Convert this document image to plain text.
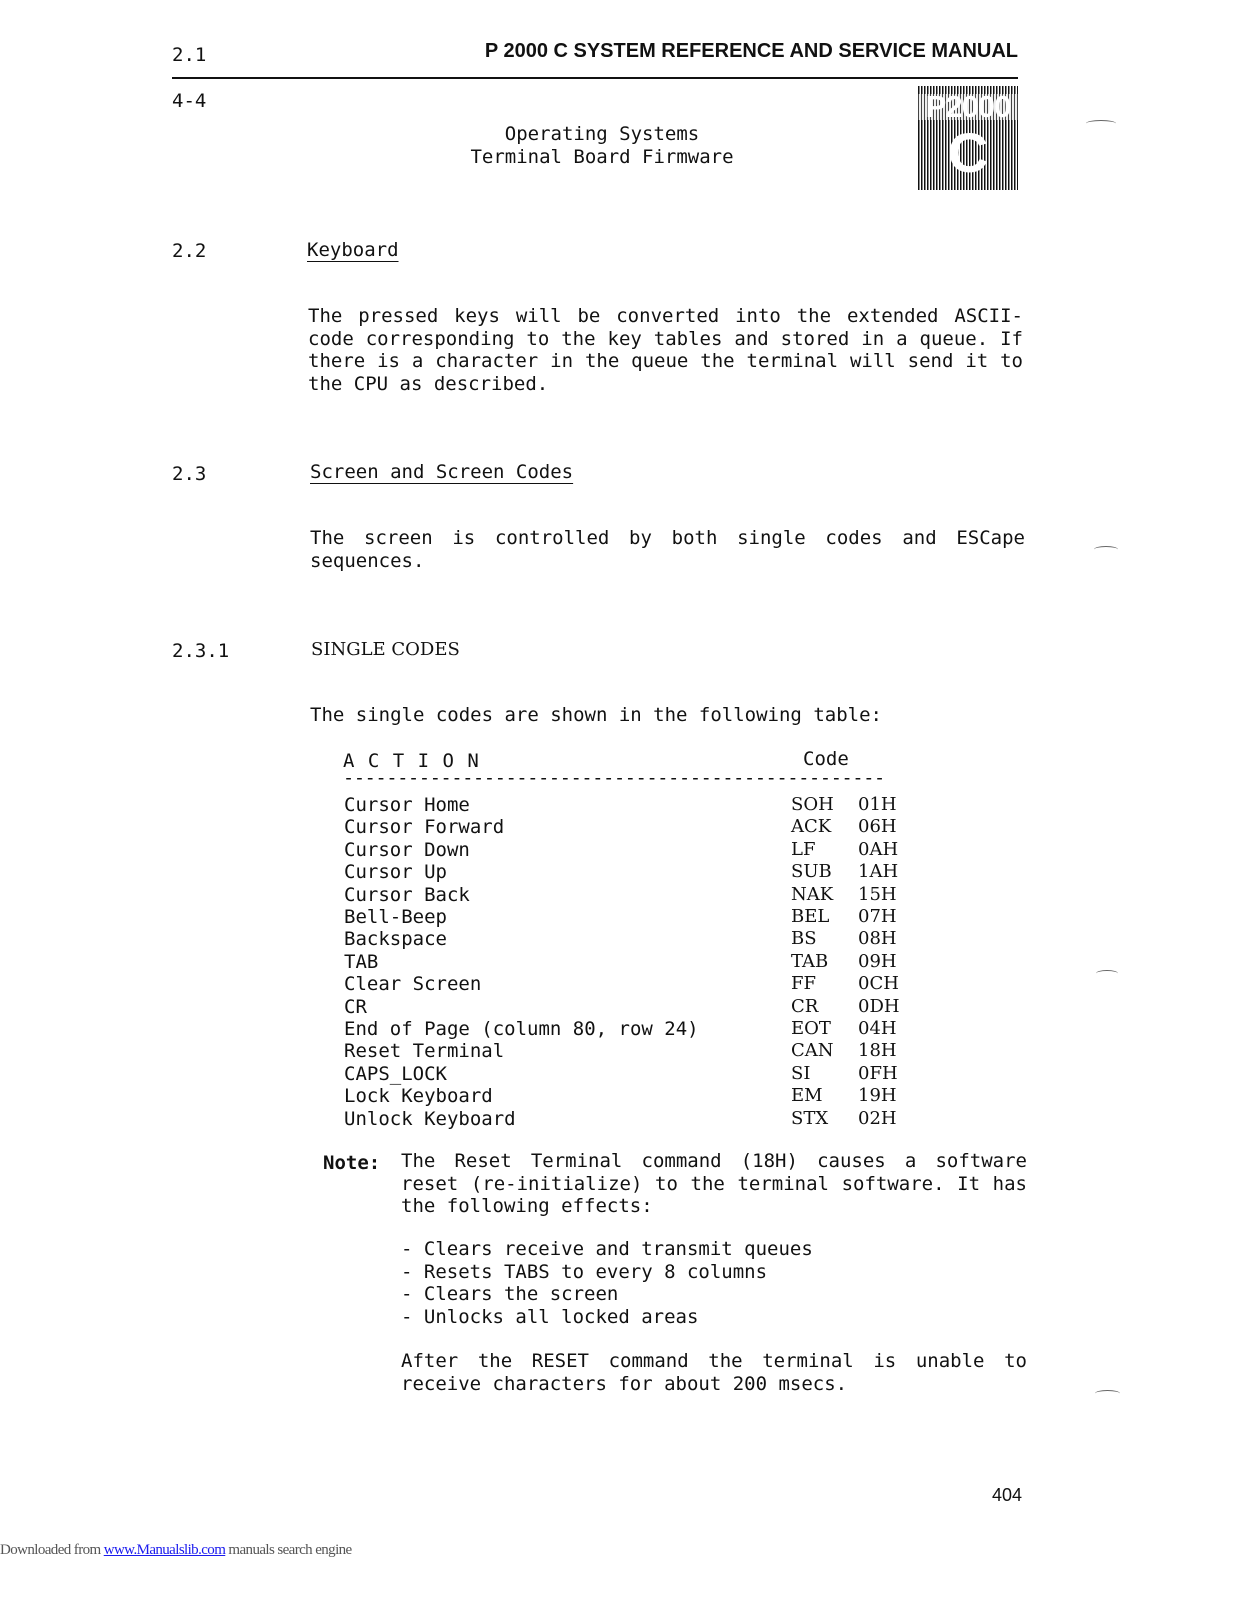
2.1	P 2000 C SYSTEM REFERENCE AND SERVICE MANUAL
4-4
Operating Systems
Terminal Board Firmware
P2000
C
2.2	Keyboard
The pressed keys will be converted into the extended ASCII-code corresponding to the key tables and stored in a queue. If there is a character in the queue the terminal will send it to the CPU as described.
2.3	Screen and Screen Codes
The screen is controlled by both single codes and ESCape sequences.
2.3.1	SINGLE CODES
The single codes are shown in the following table:
A C T I O N	Code
--------------------------------------------------
Cursor Home	SOH 01H
Cursor Forward	ACK 06H
Cursor Down	LF 0AH
Cursor Up	SUB 1AH
Cursor Back	NAK 15H
Bell-Beep	BEL 07H
Backspace	BS 08H
TAB	TAB 09H
Clear Screen	FF 0CH
CR	CR 0DH
End of Page (column 80, row 24)	EOT 04H
Reset Terminal	CAN 18H
CAPS_LOCK	SI	0FH
Lock Keyboard	EM 19H
Unlock Keyboard	STX 02H
Note: The Reset Terminal command (18H) causes a software reset (re-initialize) to the terminal software. It has the following effects:
- Clears receive and transmit queues
- Resets TABS to every 8 columns
- Clears the screen
- Unlocks all locked areas
After the RESET command the terminal is unable to receive characters for about 200 msecs.
404
Downloaded from www.Manualslib.com manuals search engine
